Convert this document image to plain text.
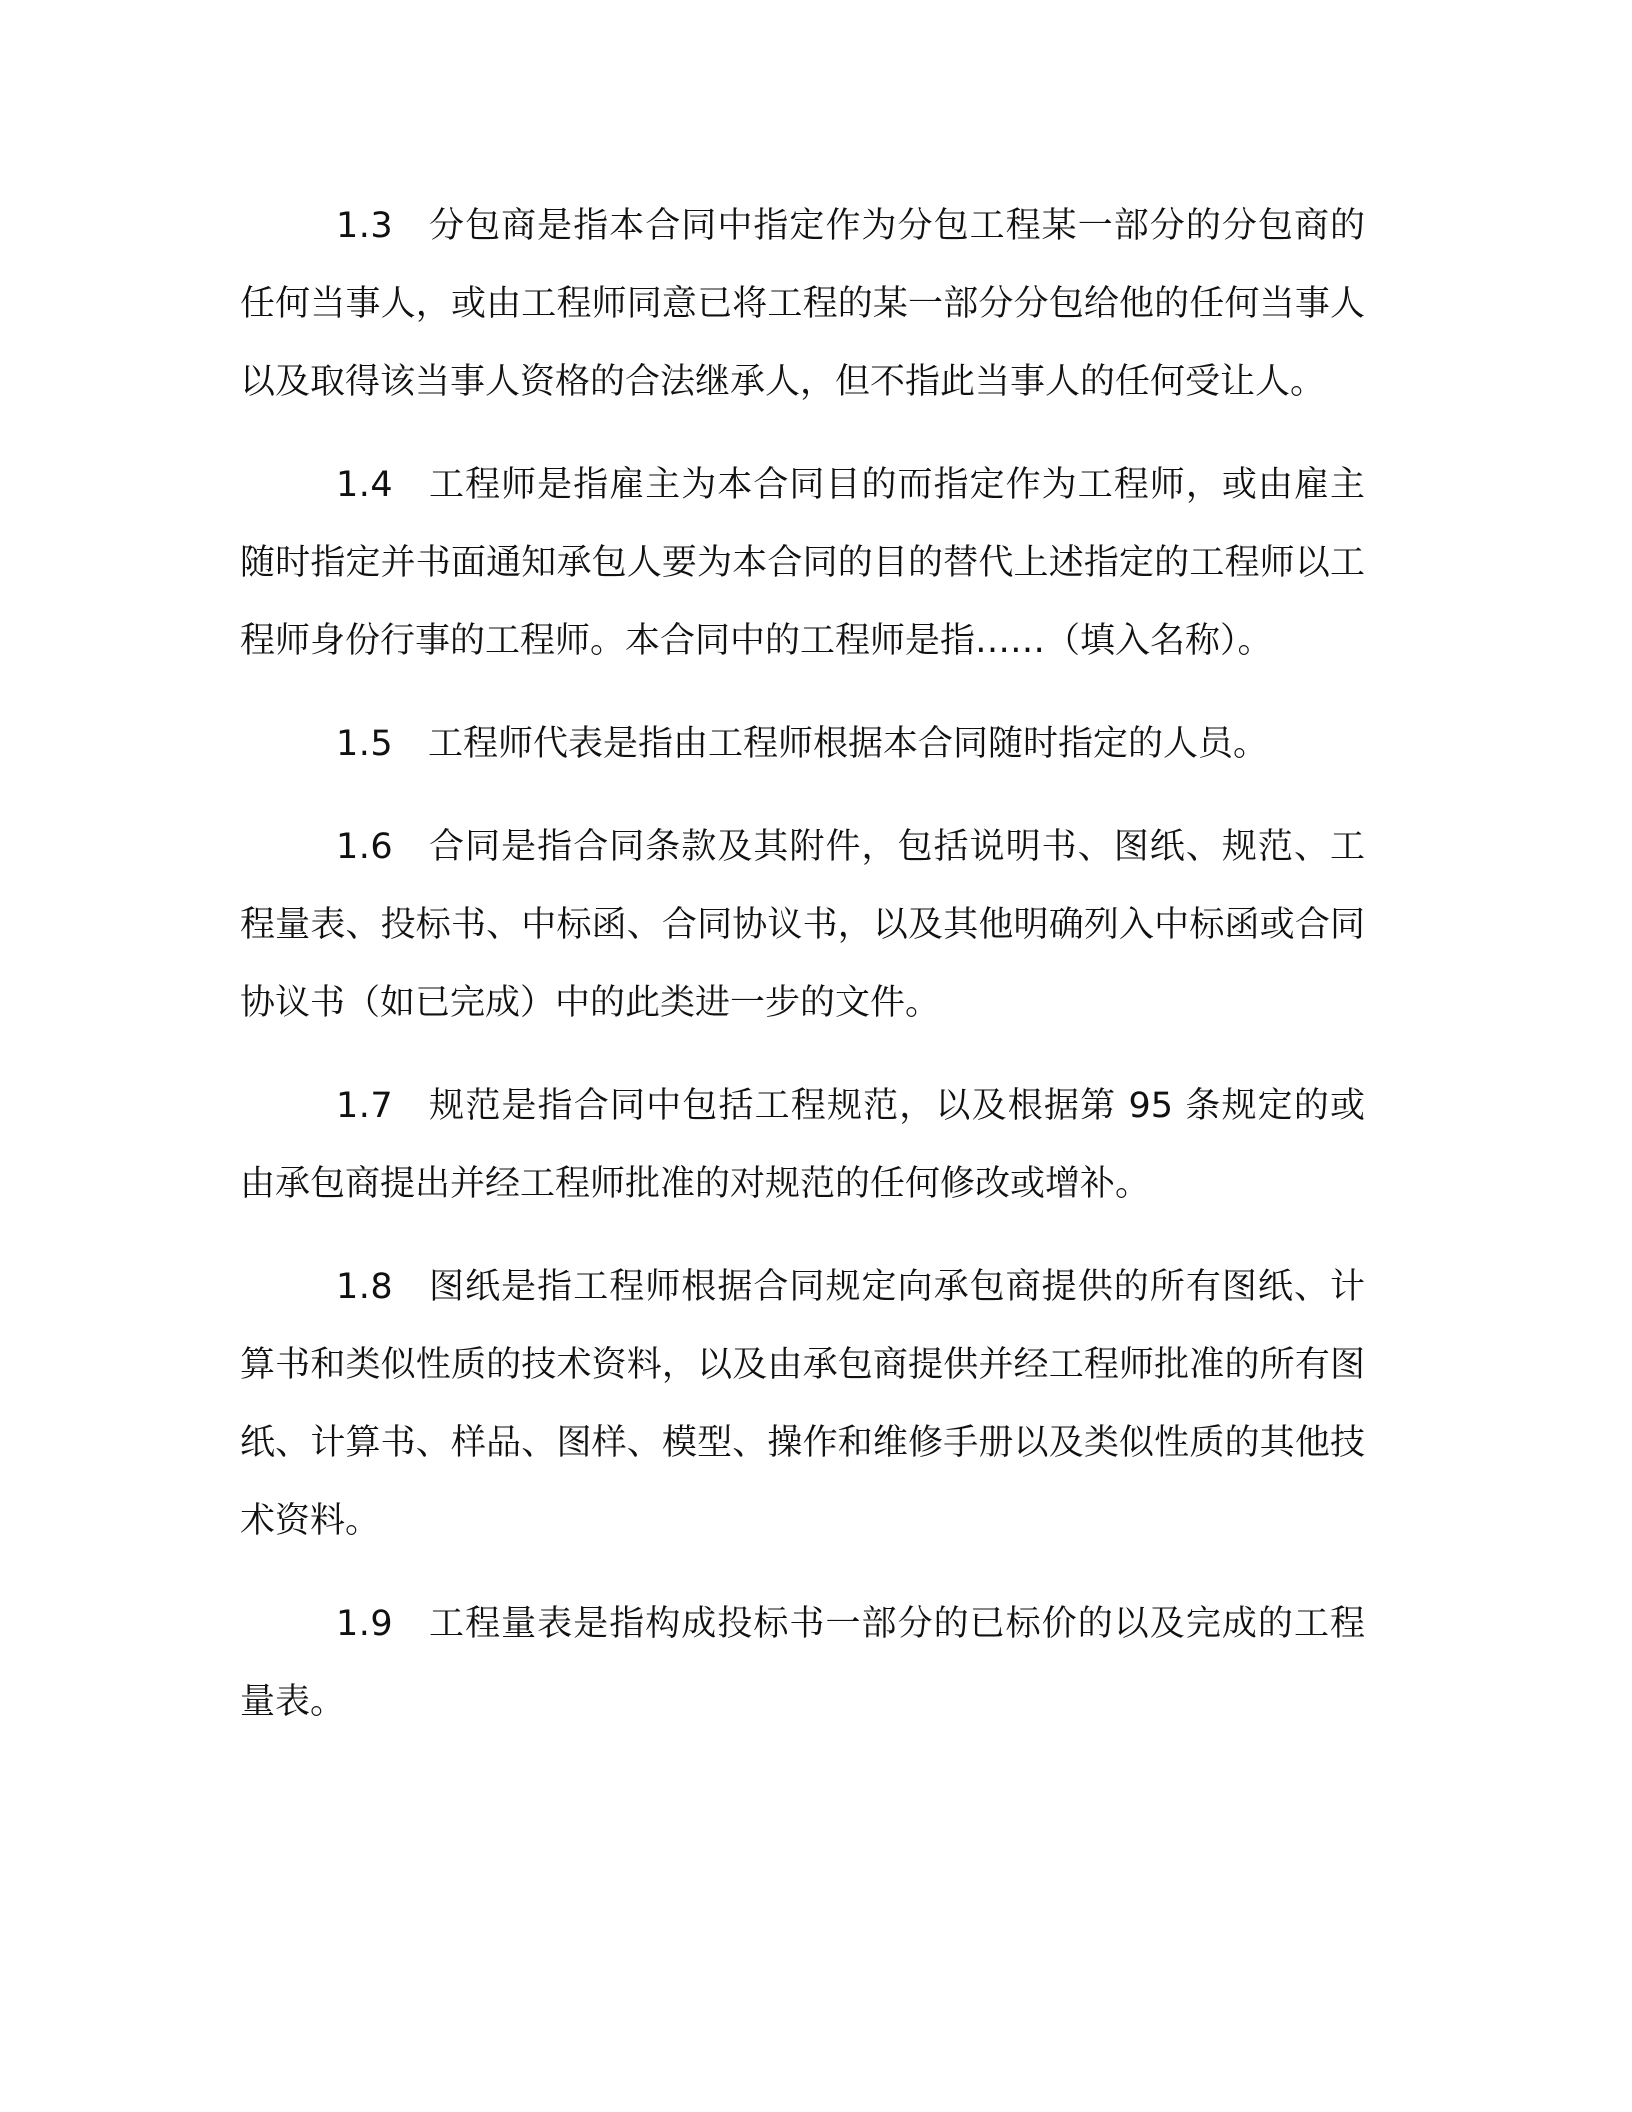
1.3 分包商是指本合同中指定作为分包工程某一部分的分包商的任何当事人，或由工程师同意已将工程的某一部分分包给他的任何当事人以及取得该当事人资格的合法继承人，但不指此当事人的任何受让人。

1.4 工程师是指雇主为本合同目的而指定作为工程师，或由雇主随时指定并书面通知承包人要为本合同的目的替代上述指定的工程师以工程师身份行事的工程师。本合同中的工程师是指……（填入名称）。

1.5 工程师代表是指由工程师根据本合同随时指定的人员。

1.6 合同是指合同条款及其附件，包括说明书、图纸、规范、工程量表、投标书、中标函、合同协议书，以及其他明确列入中标函或合同协议书（如已完成）中的此类进一步的文件。

1.7 规范是指合同中包括工程规范，以及根据第 95 条规定的或由承包商提出并经工程师批准的对规范的任何修改或增补。

1.8 图纸是指工程师根据合同规定向承包商提供的所有图纸、计算书和类似性质的技术资料，以及由承包商提供并经工程师批准的所有图纸、计算书、样品、图样、模型、操作和维修手册以及类似性质的其他技术资料。

1.9 工程量表是指构成投标书一部分的已标价的以及完成的工程量表。
